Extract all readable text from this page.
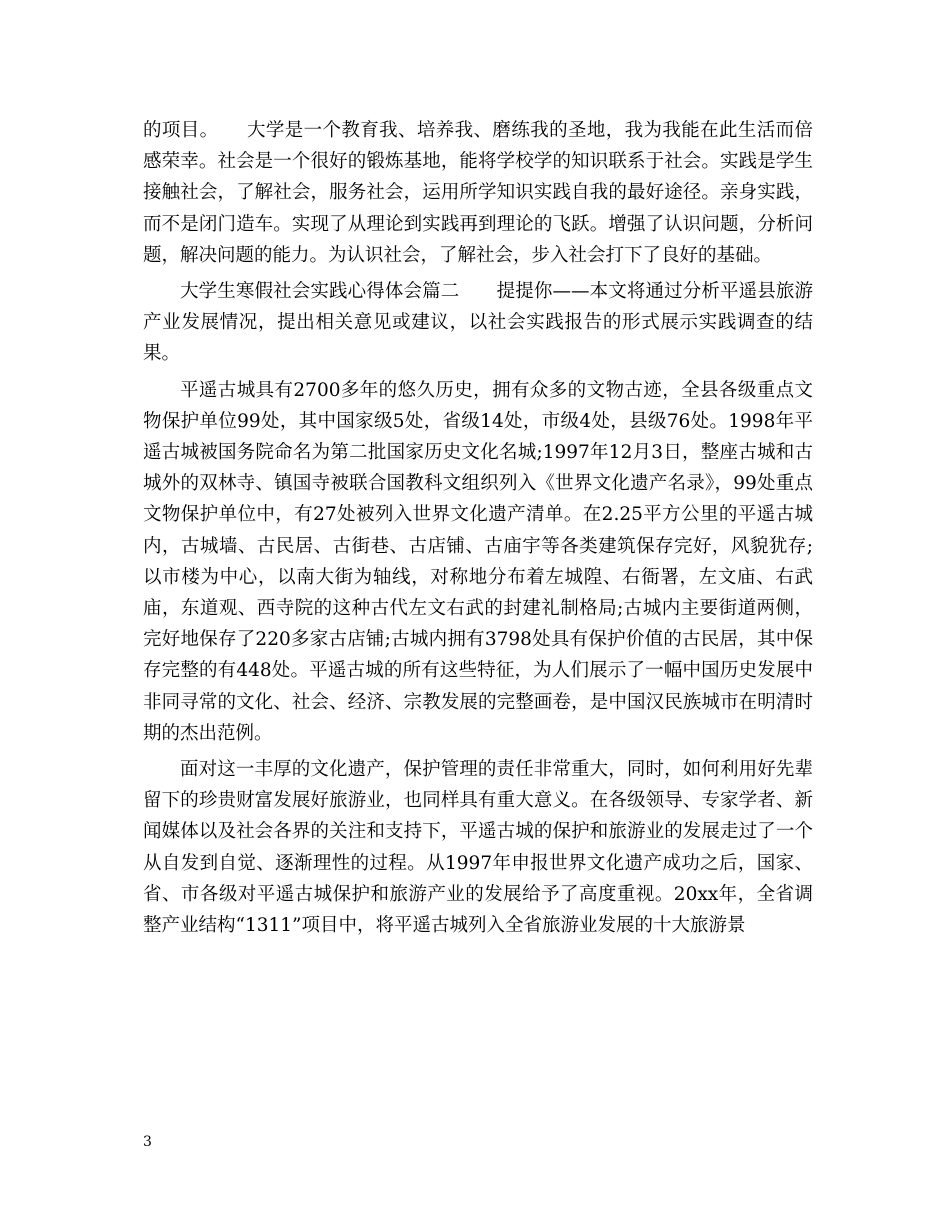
的项目。　　大学是一个教育我、培养我、磨练我的圣地，我为我能在此生活而倍感荣幸。社会是一个很好的锻炼基地，能将学校学的知识联系于社会。实践是学生接触社会，了解社会，服务社会，运用所学知识实践自我的最好途径。亲身实践，而不是闭门造车。实现了从理论到实践再到理论的飞跃。增强了认识问题，分析问题，解决问题的能力。为认识社会，了解社会，步入社会打下了良好的基础。

大学生寒假社会实践心得体会篇二　　提提你——本文将通过分析平遥县旅游产业发展情况，提出相关意见或建议，以社会实践报告的形式展示实践调查的结果。

平遥古城具有2700多年的悠久历史，拥有众多的文物古迹，全县各级重点文物保护单位99处，其中国家级5处，省级14处，市级4处，县级76处。1998年平遥古城被国务院命名为第二批国家历史文化名城;1997年12月3日，整座古城和古城外的双林寺、镇国寺被联合国教科文组织列入《世界文化遗产名录》，99处重点文物保护单位中，有27处被列入世界文化遗产清单。在2.25平方公里的平遥古城内，古城墙、古民居、古街巷、古店铺、古庙宇等各类建筑保存完好，风貌犹存;以市楼为中心，以南大街为轴线，对称地分布着左城隍、右衙署，左文庙、右武庙，东道观、西寺院的这种古代左文右武的封建礼制格局;古城内主要街道两侧，完好地保存了220多家古店铺;古城内拥有3798处具有保护价值的古民居，其中保存完整的有448处。平遥古城的所有这些特征，为人们展示了一幅中国历史发展中非同寻常的文化、社会、经济、宗教发展的完整画卷，是中国汉民族城市在明清时期的杰出范例。

面对这一丰厚的文化遗产，保护管理的责任非常重大，同时，如何利用好先辈留下的珍贵财富发展好旅游业，也同样具有重大意义。在各级领导、专家学者、新闻媒体以及社会各界的关注和支持下，平遥古城的保护和旅游业的发展走过了一个从自发到自觉、逐渐理性的过程。从1997年申报世界文化遗产成功之后，国家、省、市各级对平遥古城保护和旅游产业的发展给予了高度重视。20xx年，全省调整产业结构“1311”项目中，将平遥古城列入全省旅游业发展的十大旅游景

3
